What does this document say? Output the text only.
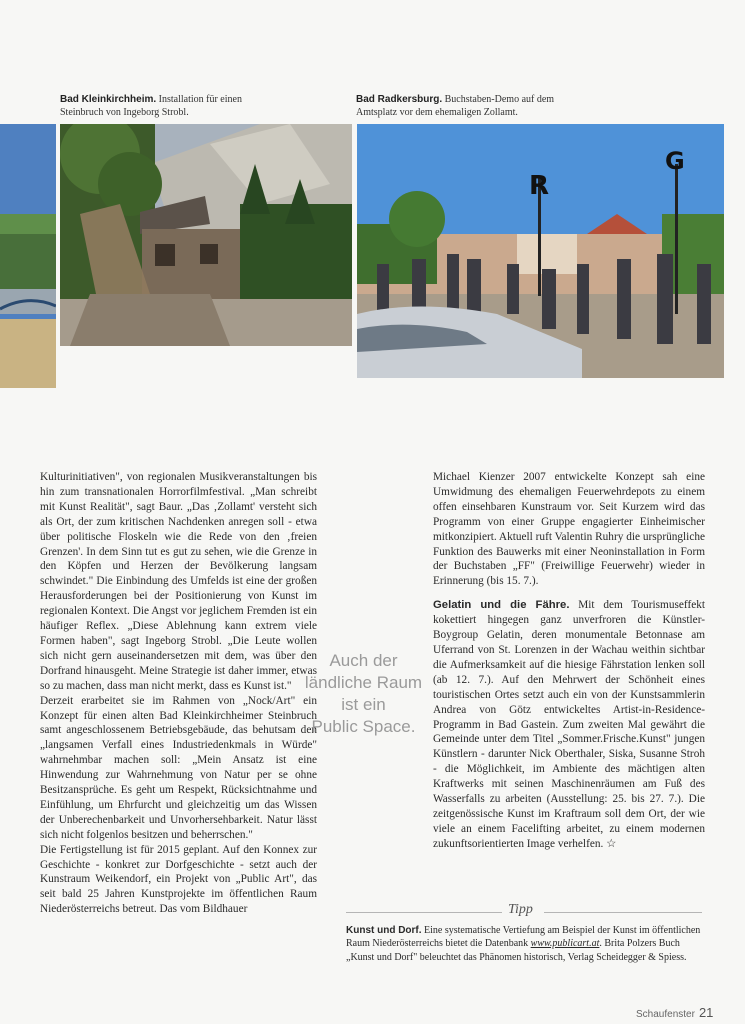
Bad Kleinkirchheim. Installation für einen Steinbruch von Ingeborg Strobl.
Bad Radkersburg. Buchstaben-Demo auf dem Amtsplatz vor dem ehemaligen Zollamt.
R
G

Kulturinitiativen", von regionalen Musikveranstaltungen bis hin zum transnationalen Horrorfilmfestival. „Man schreibt mit Kunst Realität", sagt Baur. „Das ‚Zollamt' versteht sich als Ort, der zum kritischen Nachdenken anregen soll - etwa über politische Floskeln wie die Rede von den ‚freien Grenzen'. In dem Sinn tut es gut zu sehen, wie die Grenze in den Köpfen und Herzen der Bevölkerung langsam schwindet." Die Einbindung des Umfelds ist eine der großen Herausforderungen bei der Positionierung von Kunst im regionalen Kontext. Die Angst vor jeglichem Fremden ist ein häufiger Reflex. „Diese Ablehnung kann extrem viele Formen haben", sagt Ingeborg Strobl. „Die Leute wollen sich nicht gern auseinandersetzen mit dem, was über den Dorfrand hinausgeht. Meine Strategie ist daher immer, etwas so zu machen, dass man nicht merkt, dass es Kunst ist."

Derzeit erarbeitet sie im Rahmen von „Nock/Art" ein Konzept für einen alten Bad Kleinkirchheimer Steinbruch samt angeschlossenem Betriebsgebäude, das behutsam den „langsamen Verfall eines Industriedenkmals in Würde" wahrnehmbar machen soll: „Mein Ansatz ist eine Hinwendung zur Wahrnehmung von Natur per se ohne Besitzansprüche. Es geht um Respekt, Rücksichtnahme und Einfühlung, um Ehrfurcht und gleichzeitig um das Wissen der Unberechenbarkeit und Unvorhersehbarkeit. Natur lässt sich nicht folgenlos besitzen und beherrschen."

Die Fertigstellung ist für 2015 geplant. Auf den Konnex zur Geschichte - konkret zur Dorfgeschichte - setzt auch der Kunstraum Weikendorf, ein Projekt von „Public Art", das seit bald 25 Jahren Kunstprojekte im öffentlichen Raum Niederösterreichs betreut. Das vom Bildhauer

Auch der
ländliche Raum
ist ein
Public Space.

Michael Kienzer 2007 entwickelte Konzept sah eine Umwidmung des ehemaligen Feuerwehrdepots zu einem offen einsehbaren Kunstraum vor. Seit Kurzem wird das Programm von einer Gruppe engagierter Einheimischer mitkonzipiert. Aktuell ruft Valentin Ruhry die ursprüngliche Funktion des Bauwerks mit einer Neoninstallation in Form der Buchstaben „FF" (Freiwillige Feuerwehr) wieder in Erinnerung (bis 15. 7.).

Gelatin und die Fähre. Mit dem Tourismuseffekt kokettiert hingegen ganz unverfroren die Künstler-Boygroup Gelatin, deren monumentale Betonnase am Uferrand von St. Lorenzen in der Wachau weithin sichtbar die Aufmerksamkeit auf die hiesige Fährstation lenken soll (ab 12. 7.). Auf den Mehrwert der Schönheit eines touristischen Ortes setzt auch ein von der Kunstsammlerin Andrea von Götz entwickeltes Artist-in-Residence-Programm in Bad Gastein. Zum zweiten Mal gewährt die Gemeinde unter dem Titel „Sommer.Frische.Kunst" jungen Künstlern - darunter Nick Oberthaler, Siska, Susanne Stroh - die Möglichkeit, im Ambiente des mächtigen alten Kraftwerks mit seinen Maschinenräumen am Fuß des Wasserfalls zu arbeiten (Ausstellung: 25. bis 27. 7.). Die zeitgenössische Kunst im Kraftraum soll dem Ort, der wie viele an einem Facelifting arbeitet, zu einem modernen zukunftsorientierten Image verhelfen. ☆

Tipp
Kunst und Dorf. Eine systematische Vertiefung am Beispiel der Kunst im öffentlichen Raum Niederösterreichs bietet die Datenbank www.publicart.at. Brita Polzers Buch „Kunst und Dorf" beleuchtet das Phänomen historisch, Verlag Scheidegger & Spiess.
Schaufenster 21
